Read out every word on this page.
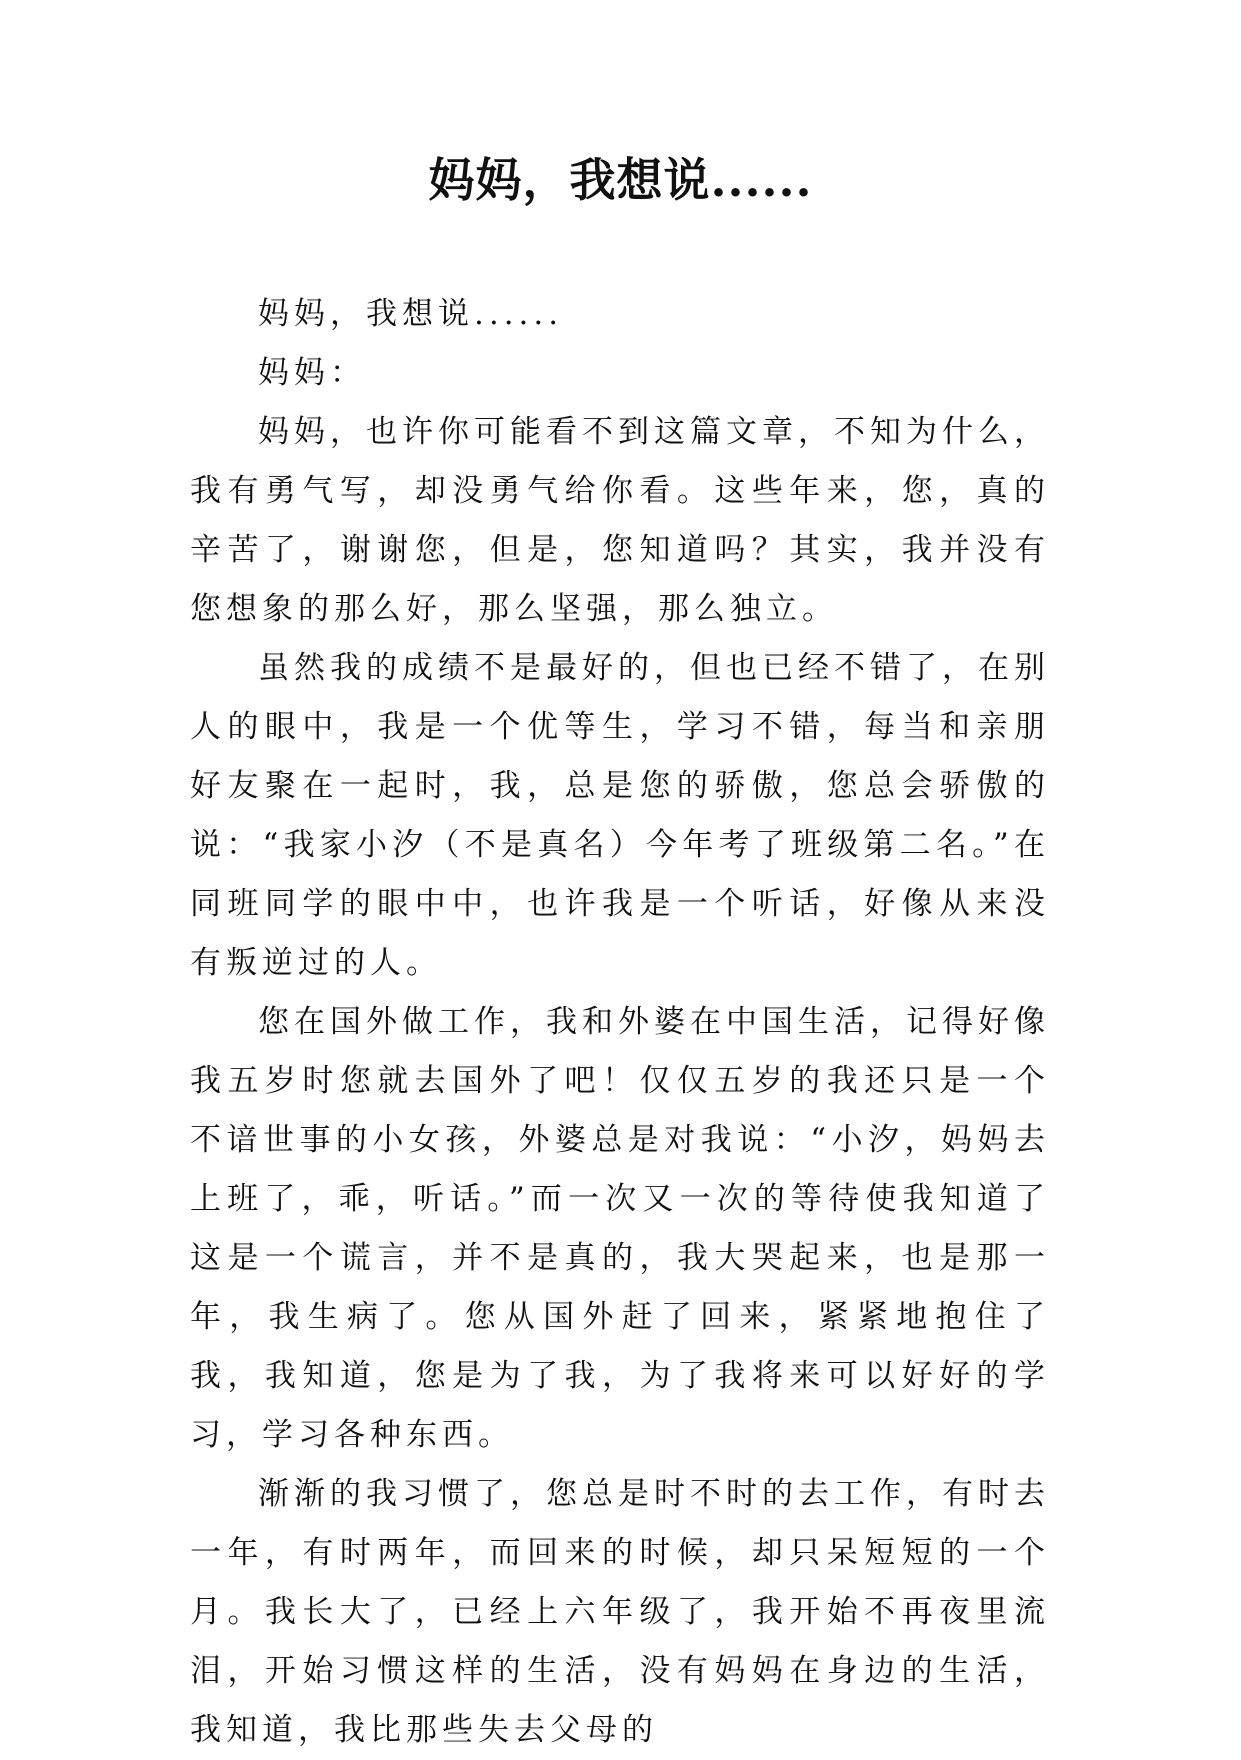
妈妈，我想说......

妈妈，我想说......

妈妈：

妈妈，也许你可能看不到这篇文章，不知为什么，我有勇气写，却没勇气给你看。这些年来，您，真的辛苦了，谢谢您，但是，您知道吗？其实，我并没有您想象的那么好，那么坚强，那么独立。

虽然我的成绩不是最好的，但也已经不错了，在别人的眼中，我是一个优等生，学习不错，每当和亲朋好友聚在一起时，我，总是您的骄傲，您总会骄傲的说：“我家小汐（不是真名）今年考了班级第二名。”在同班同学的眼中中，也许我是一个听话，好像从来没有叛逆过的人。

您在国外做工作，我和外婆在中国生活，记得好像我五岁时您就去国外了吧！仅仅五岁的我还只是一个不谙世事的小女孩，外婆总是对我说：“小汐，妈妈去上班了，乖，听话。”而一次又一次的等待使我知道了这是一个谎言，并不是真的，我大哭起来，也是那一年，我生病了。您从国外赶了回来，紧紧地抱住了我，我知道，您是为了我，为了我将来可以好好的学习，学习各种东西。

渐渐的我习惯了，您总是时不时的去工作，有时去一年，有时两年，而回来的时候，却只呆短短的一个月。我长大了，已经上六年级了，我开始不再夜里流泪，开始习惯这样的生活，没有妈妈在身边的生活，我知道，我比那些失去父母的
